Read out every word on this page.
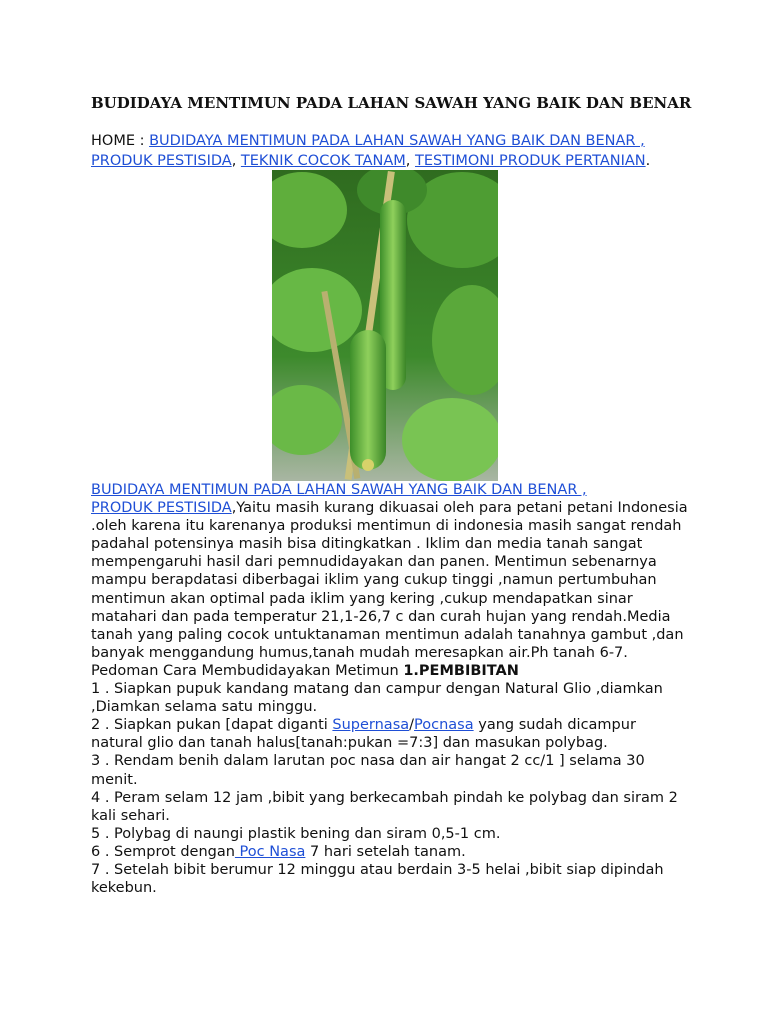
BUDIDAYA MENTIMUN PADA LAHAN SAWAH YANG BAIK DAN BENAR
HOME : BUDIDAYA MENTIMUN PADA LAHAN SAWAH YANG BAIK DAN BENAR , PRODUK PESTISIDA, TEKNIK COCOK TANAM, TESTIMONI PRODUK PERTANIAN.

BUDIDAYA MENTIMUN PADA LAHAN SAWAH YANG BAIK DAN BENAR ,
PRODUK PESTISIDA,Yaitu masih kurang dikuasai oleh para petani petani Indonesia .oleh karena itu karenanya produksi mentimun di indonesia masih sangat rendah padahal potensinya masih bisa ditingkatkan . Iklim dan media tanah sangat mempengaruhi hasil dari pemnudidayakan dan panen. Mentimun sebenarnya mampu berapdatasi diberbagai iklim yang cukup tinggi ,namun pertumbuhan mentimun akan optimal pada iklim yang kering ,cukup mendapatkan sinar matahari dan pada temperatur 21,1-26,7 c dan curah hujan yang rendah.Media tanah yang paling cocok untuktanaman mentimun adalah tanahnya gambut ,dan banyak menggandung humus,tanah mudah meresapkan air.Ph tanah 6-7. Pedoman Cara Membudidayakan Metimun 1.PEMBIBITAN

1 . Siapkan pupuk kandang matang dan campur dengan Natural Glio ,diamkan ,Diamkan selama satu minggu.

2 . Siapkan pukan [dapat diganti Supernasa/Pocnasa yang sudah dicampur natural glio dan tanah halus[tanah:pukan =7:3] dan masukan polybag.

3 . Rendam benih dalam larutan poc nasa dan air hangat 2 cc/1 ] selama 30 menit.

4 . Peram selam 12 jam ,bibit yang berkecambah pindah ke polybag dan siram 2 kali sehari.

5 . Polybag di naungi plastik bening dan siram 0,5-1 cm.

6 . Semprot dengan Poc Nasa 7 hari setelah tanam.

7 . Setelah bibit berumur 12 minggu atau berdain 3-5 helai ,bibit siap dipindah kekebun.
